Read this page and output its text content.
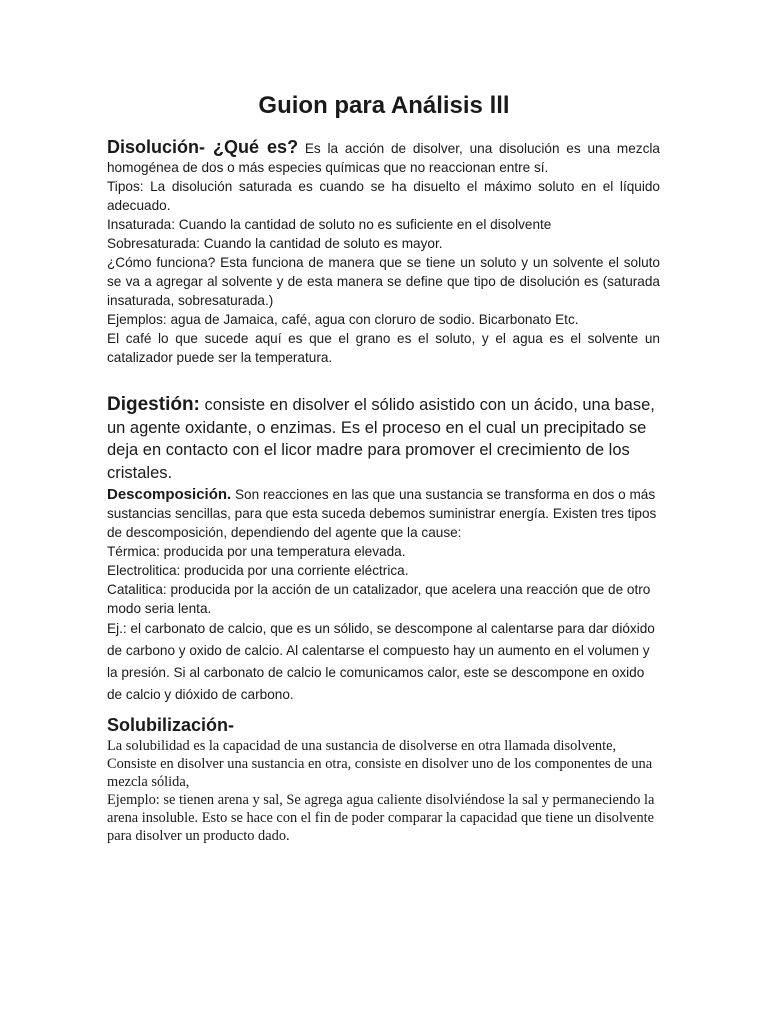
Guion para Análisis lll

Disolución- ¿Qué es? Es la acción de disolver, una disolución es una mezcla homogénea de dos o más especies químicas que no reaccionan entre sí.

Tipos: La disolución saturada es cuando se ha disuelto el máximo soluto en el líquido adecuado.

Insaturada: Cuando la cantidad de soluto no es suficiente en el disolvente

Sobresaturada: Cuando la cantidad de soluto es mayor.

¿Cómo funciona? Esta funciona de manera que se tiene un soluto y un solvente el soluto se va a agregar al solvente y de esta manera se define que tipo de disolución es (saturada insaturada, sobresaturada.)

Ejemplos: agua de Jamaica, café, agua con cloruro de sodio. Bicarbonato Etc.

El café lo que sucede aquí es que el grano es el soluto, y el agua es el solvente un catalizador puede ser la temperatura.

Digestión: consiste en disolver el sólido asistido con un ácido, una base, un agente oxidante, o enzimas. Es el proceso en el cual un precipitado se deja en contacto con el licor madre para promover el crecimiento de los cristales.

Descomposición. Son reacciones en las que una sustancia se transforma en dos o más sustancias sencillas, para que esta suceda debemos suministrar energía. Existen tres tipos de descomposición, dependiendo del agente que la cause:

Térmica: producida por una temperatura elevada.

Electrolitica: producida por una corriente eléctrica.

Catalitica: producida por la acción de un catalizador, que acelera una reacción que de otro modo seria lenta.

Ej.: el carbonato de calcio, que es un sólido, se descompone al calentarse para dar dióxido de carbono y oxido de calcio. Al calentarse el compuesto hay un aumento en el volumen y la presión. Si al carbonato de calcio le comunicamos calor, este se descompone en oxido de calcio y dióxido de carbono.

Solubilización-

La solubilidad es la capacidad de una sustancia de disolverse en otra llamada disolvente,

Consiste en disolver una sustancia en otra, consiste en disolver uno de los componentes de una mezcla sólida,

Ejemplo: se tienen arena y sal, Se agrega agua caliente disolviéndose la sal y permaneciendo la arena insoluble. Esto se hace con el fin de poder comparar la capacidad que tiene un disolvente para disolver un producto dado.
